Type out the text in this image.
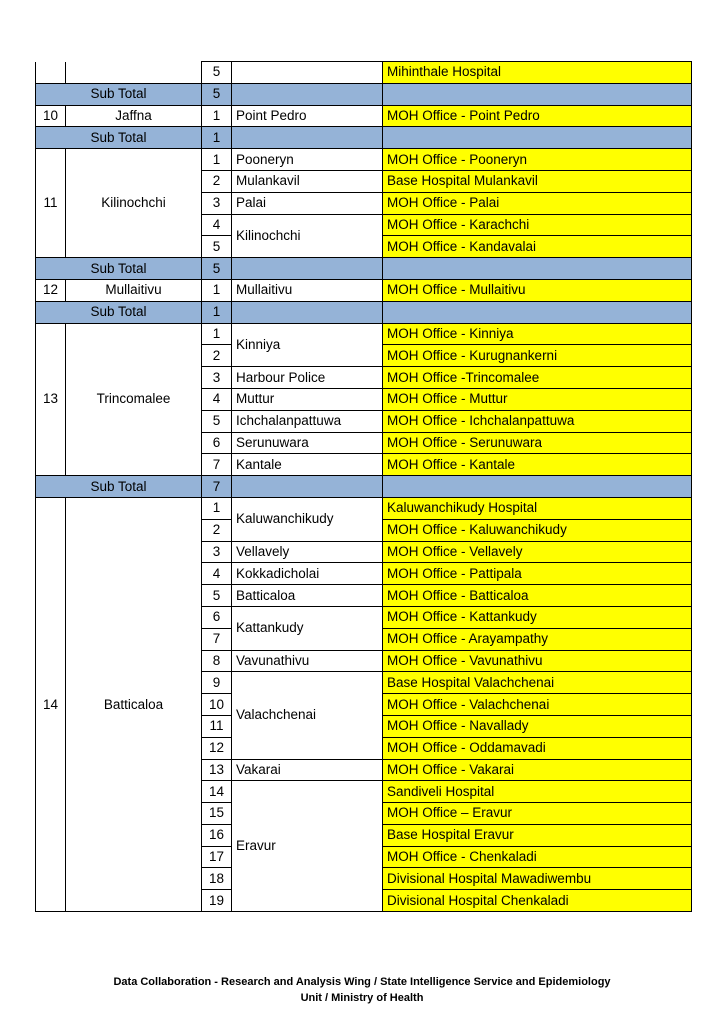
		5		Mihinthale Hospital
Sub Total		5		
10	Jaffna	1	Point Pedro	MOH Office - Point Pedro
Sub Total		1		
11	Kilinochchi	1	Pooneryn	MOH Office - Pooneryn
		2	Mulankavil	Base Hospital Mulankavil
		3	Palai	MOH Office - Palai
		4	Kilinochchi	MOH Office - Karachchi
		5		MOH Office - Kandavalai
Sub Total		5		
12	Mullaitivu	1	Mullaitivu	MOH Office - Mullaitivu
Sub Total		1		
13	Trincomalee	1	Kinniya	MOH Office - Kinniya
		2		MOH Office - Kurugnankerni
		3	Harbour Police	MOH Office -Trincomalee
		4	Muttur	MOH Office - Muttur
		5	Ichchalanpattuwa	MOH Office - Ichchalanpattuwa
		6	Serunuwara	MOH Office - Serunuwara
		7	Kantale	MOH Office - Kantale
Sub Total		7		
14	Batticaloa	1	Kaluwanchikudy	Kaluwanchikudy Hospital
		2		MOH Office - Kaluwanchikudy
		3	Vellavely	MOH Office - Vellavely
		4	Kokkadicholai	MOH Office - Pattipala
		5	Batticaloa	MOH Office - Batticaloa
		6	Kattankudy	MOH Office - Kattankudy
		7		MOH Office - Arayampathy
		8	Vavunathivu	MOH Office - Vavunathivu
		9	Valachchenai	Base Hospital Valachchenai
		10		MOH Office - Valachchenai
		11		MOH Office - Navallady
		12		MOH Office - Oddamavadi
		13	Vakarai	MOH Office - Vakarai
		14	Eravur	Sandiveli Hospital
		15		MOH Office – Eravur
		16		Base Hospital Eravur
		17		MOH Office - Chenkaladi
		18		Divisional Hospital Mawadiwembu
		19		Divisional Hospital Chenkaladi
Data Collaboration - Research and Analysis Wing / State Intelligence Service and Epidemiology
Unit / Ministry of Health
